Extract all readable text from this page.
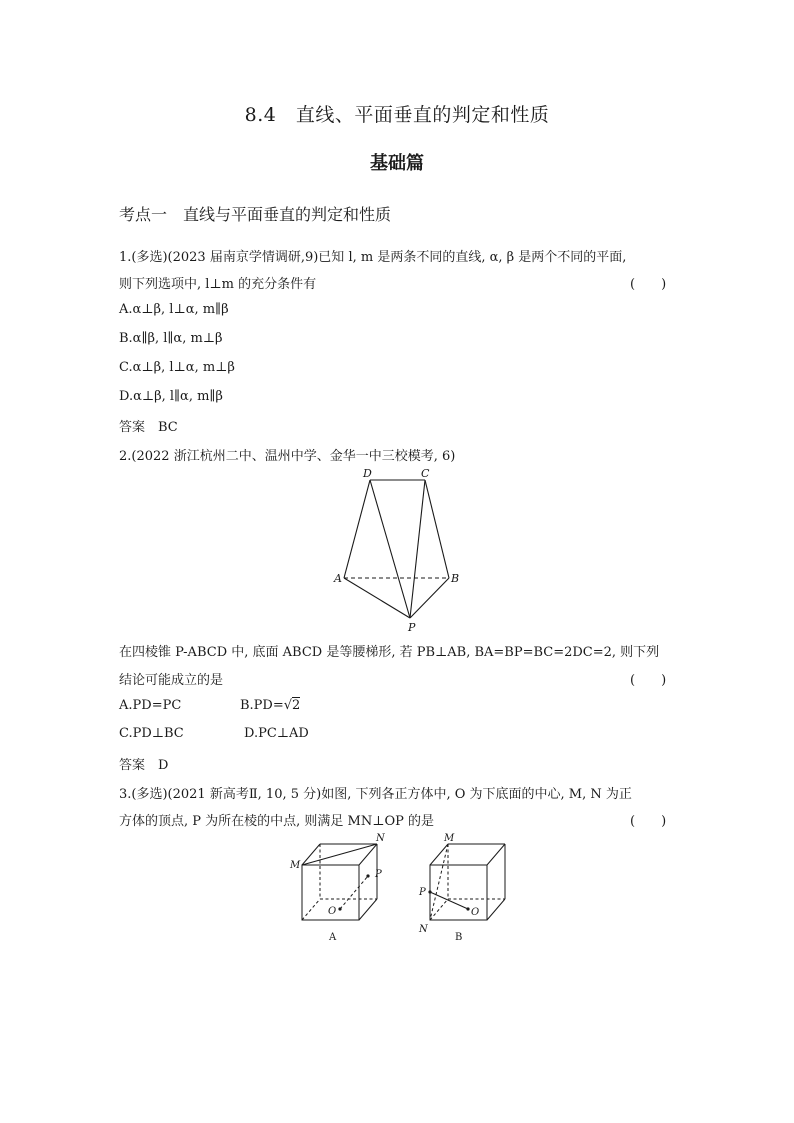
8.4　直线、平面垂直的判定和性质
基础篇
考点一　直线与平面垂直的判定和性质
1.(多选)(2023 届南京学情调研,9)已知 l, m 是两条不同的直线, α, β 是两个不同的平面,
则下列选项中, l⊥m 的充分条件有	(　　)
A.α⊥β, l⊥α, m∥β
B.α∥β, l∥α, m⊥β
C.α⊥β, l⊥α, m⊥β
D.α⊥β, l∥α, m∥β
答案　BC
2.(2022 浙江杭州二中、温州中学、金华一中三校模考, 6)
D	C
A	B
P
在四棱锥 P-ABCD 中, 底面 ABCD 是等腰梯形, 若 PB⊥AB, BA=BP=BC=2DC=2, 则下列
结论可能成立的是	(　　)
A.PD=PC	B.PD=√2
C.PD⊥BC	D.PC⊥AD
答案　D
3.(多选)(2021 新高考Ⅱ, 10, 5 分)如图, 下列各正方体中, O 为下底面的中心, M, N 为正
方体的顶点, P 为所在棱的中点, 则满足 MN⊥OP 的是	(　　)
M
N
P
O
A
M
N
P
O
B
